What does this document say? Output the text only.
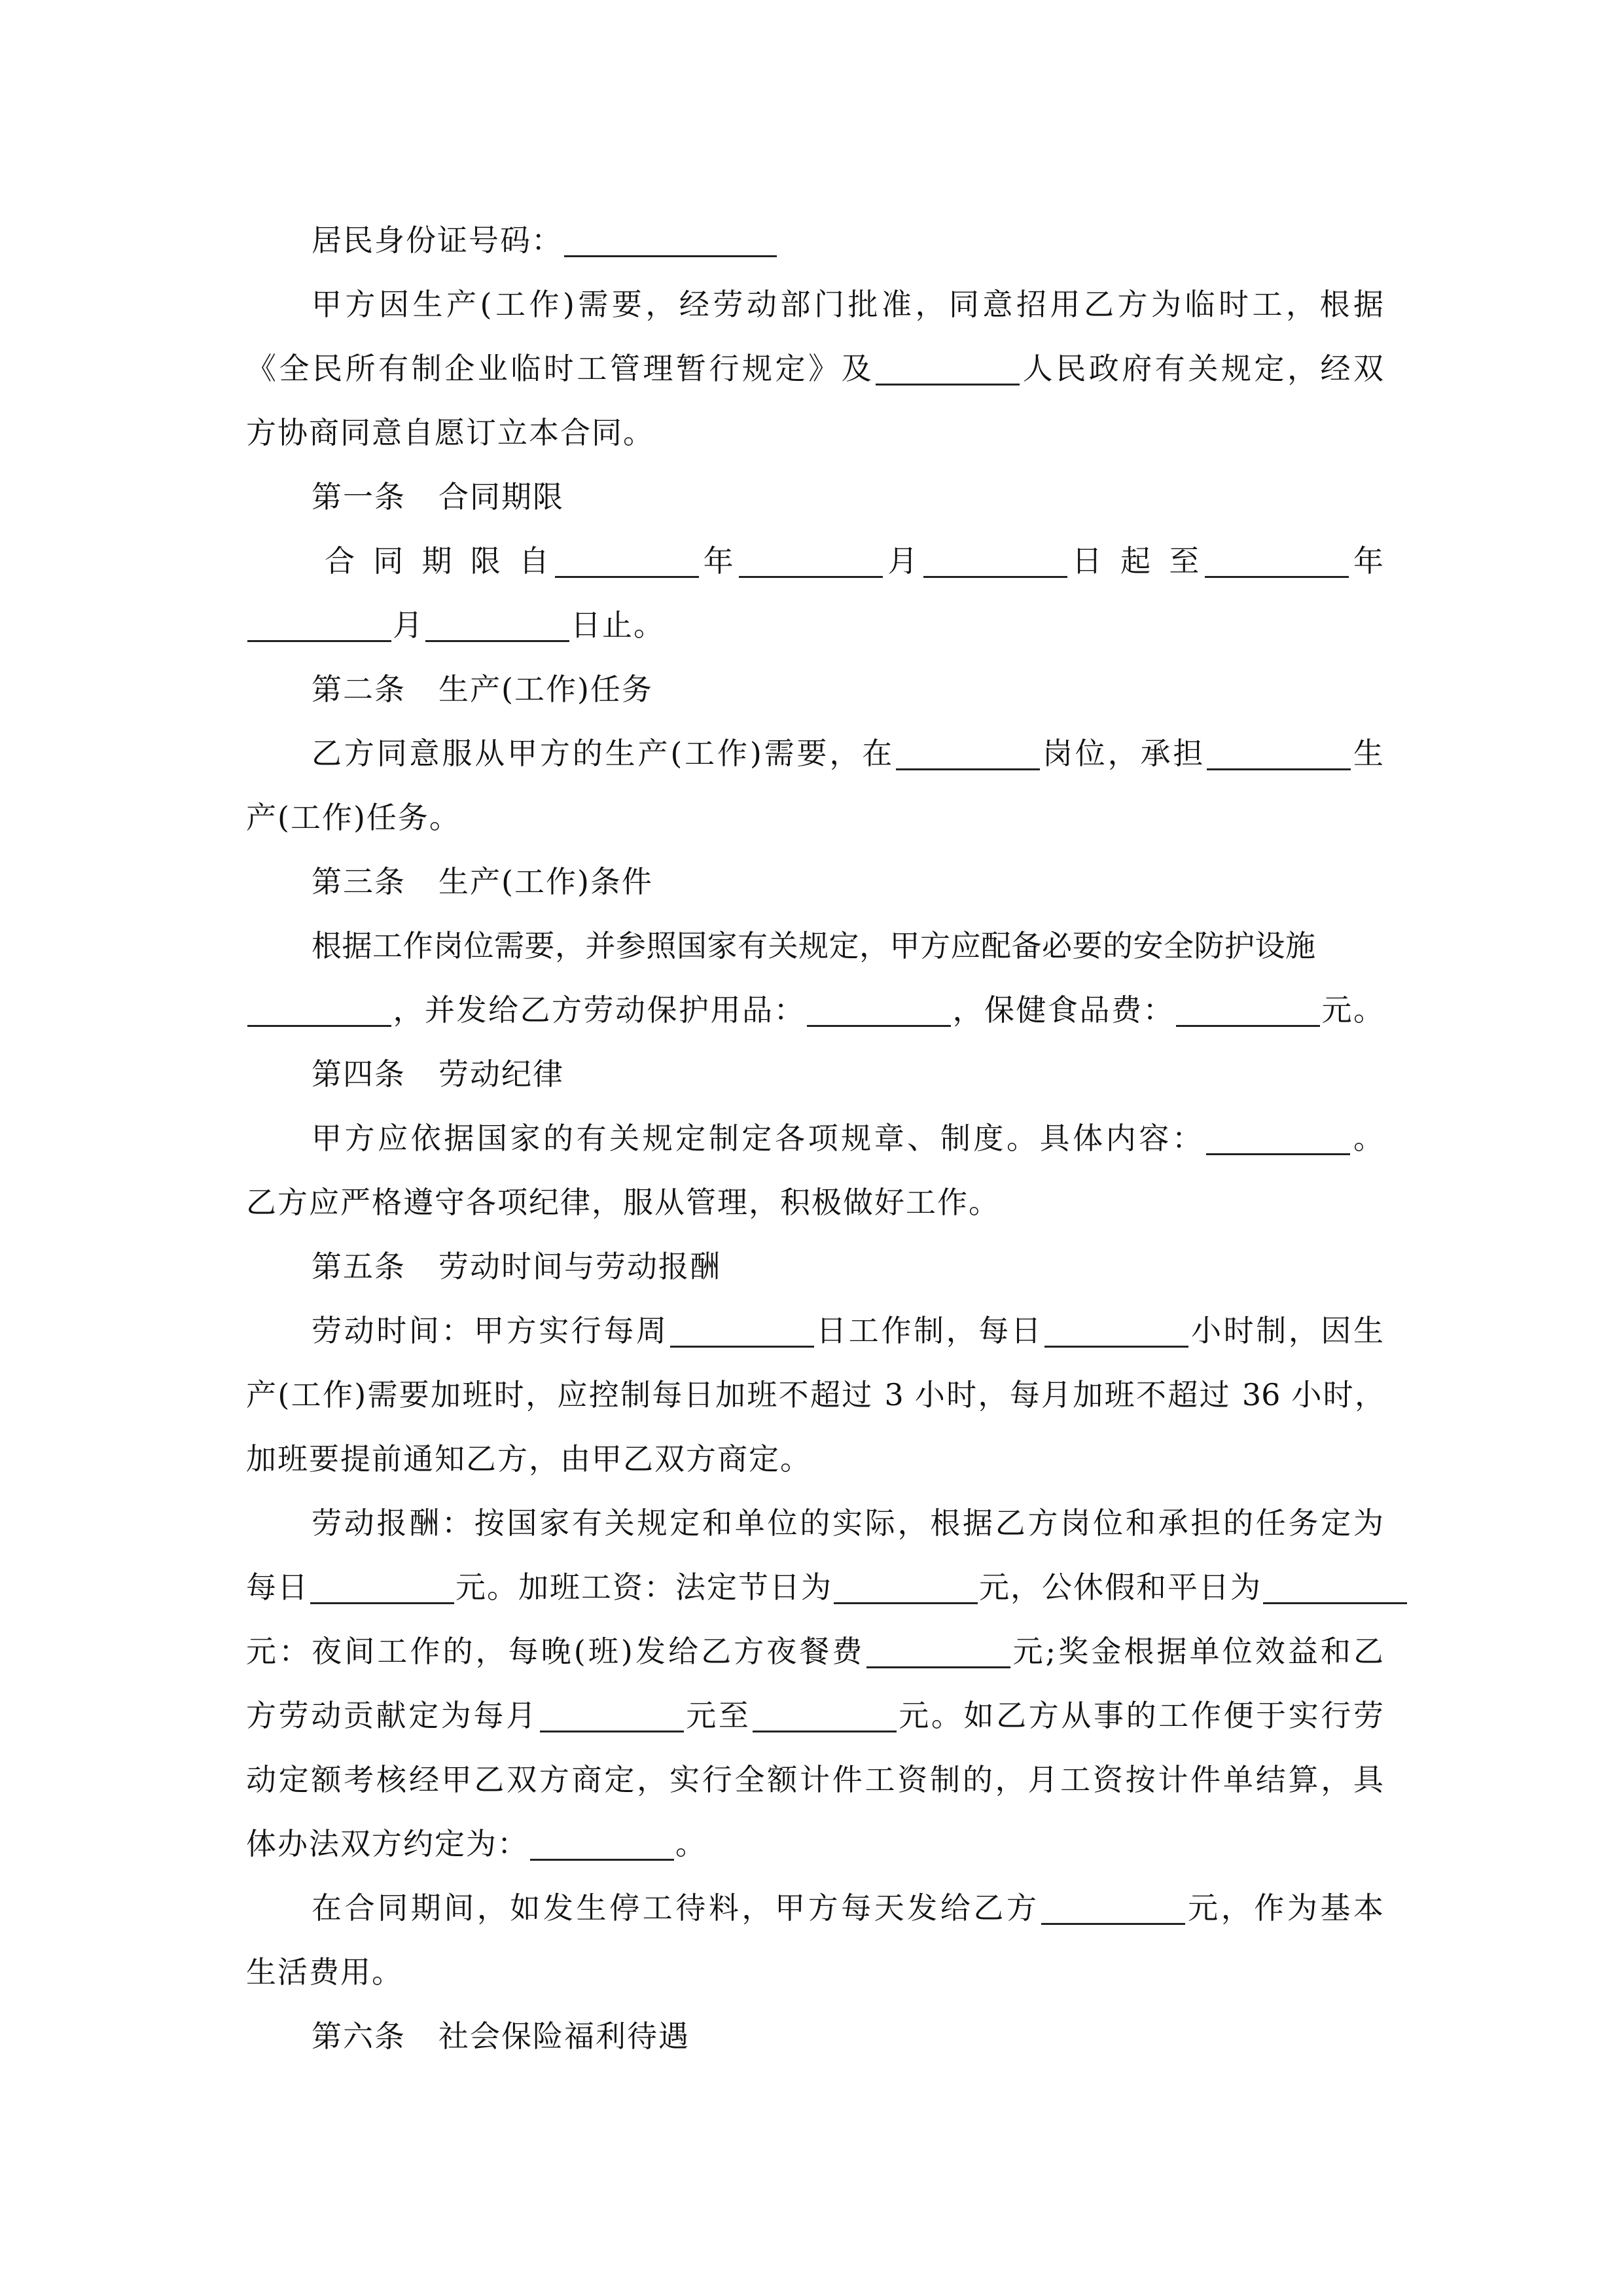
居民身份证号码：
甲方因生产(工作)需要，经劳动部门批准，同意招用乙方为临时工，根据
《全民所有制企业临时工管理暂行规定》及	人民政府有关规定，经双
方协商同意自愿订立本合同。
第一条 合同期限
合 同 期 限 自	年	月	日 起 至	年
月	日止。
第二条 生产(工作)任务
乙方同意服从甲方的生产(工作)需要，在	岗位，承担	生
产(工作)任务。
第三条 生产(工作)条件
根据工作岗位需要，并参照国家有关规定，甲方应配备必要的安全防护设施
，并发给乙方劳动保护用品：	，保健食品费：	元。
第四条 劳动纪律
甲方应依据国家的有关规定制定各项规章、制度。具体内容：	。
乙方应严格遵守各项纪律，服从管理，积极做好工作。
第五条 劳动时间与劳动报酬
劳动时间：甲方实行每周	日工作制，每日	小时制，因生
产(工作)需要加班时，应控制每日加班不超过 3 小时，每月加班不超过 36 小时，
加班要提前通知乙方，由甲乙双方商定。
劳动报酬：按国家有关规定和单位的实际，根据乙方岗位和承担的任务定为
每日	元。加班工资：法定节日为	元，公休假和平日为
元：夜间工作的，每晚(班)发给乙方夜餐费	元;奖金根据单位效益和乙
方劳动贡献定为每月	元至	元。如乙方从事的工作便于实行劳
动定额考核经甲乙双方商定，实行全额计件工资制的，月工资按计件单结算，具
体办法双方约定为：	。
在合同期间，如发生停工待料，甲方每天发给乙方	元，作为基本
生活费用。
第六条 社会保险福利待遇
